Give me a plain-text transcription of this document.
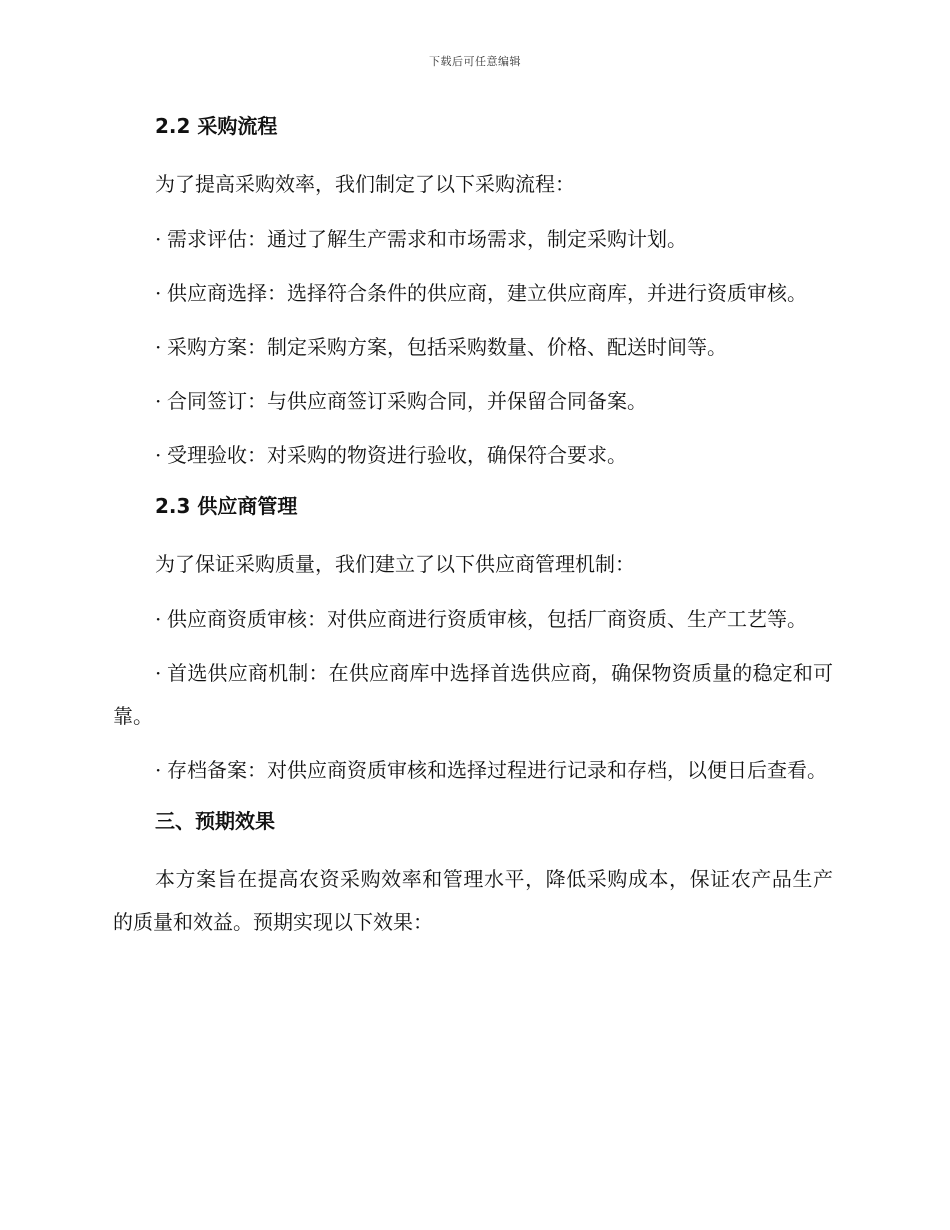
下载后可任意编辑
2.2 采购流程

为了提高采购效率，我们制定了以下采购流程：

· 需求评估：通过了解生产需求和市场需求，制定采购计划。

· 供应商选择：选择符合条件的供应商，建立供应商库，并进行资质审核。

· 采购方案：制定采购方案，包括采购数量、价格、配送时间等。

· 合同签订：与供应商签订采购合同，并保留合同备案。

· 受理验收：对采购的物资进行验收，确保符合要求。

2.3 供应商管理

为了保证采购质量，我们建立了以下供应商管理机制：

· 供应商资质审核：对供应商进行资质审核，包括厂商资质、生产工艺等。

· 首选供应商机制：在供应商库中选择首选供应商，确保物资质量的稳定和可靠。

· 存档备案：对供应商资质审核和选择过程进行记录和存档，以便日后查看。

三、预期效果

本方案旨在提高农资采购效率和管理水平，降低采购成本，保证农产品生产的质量和效益。预期实现以下效果：
